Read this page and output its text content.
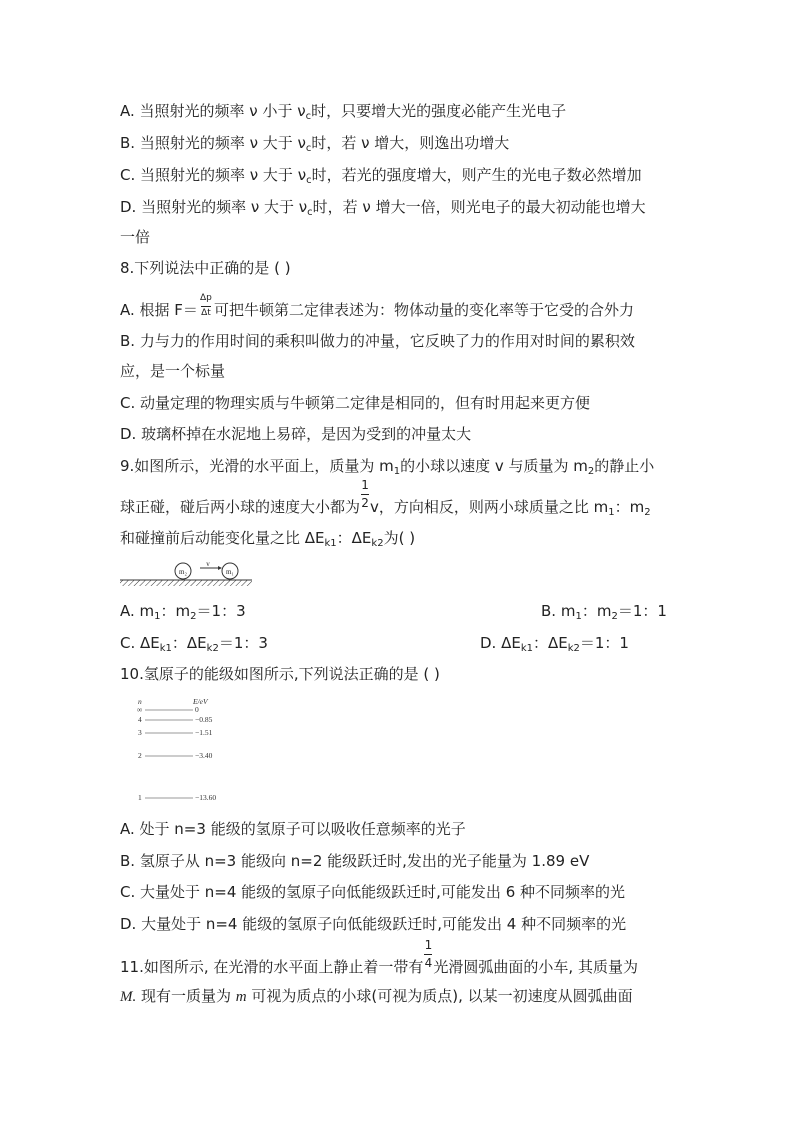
A. 当照射光的频率 ν 小于 $\nu_c$时，只要增大光的强度必能产生光电子
B. 当照射光的频率 ν 大于 $\nu_c$时，若 ν 增大，则逸出功增大
C. 当照射光的频率 ν 大于 $\nu_c$时，若光的强度增大，则产生的光电子数必然增加
D. 当照射光的频率 ν 大于 $\nu_c$时，若 ν 增大一倍，则光电子的最大初动能也增大
一倍
8.下列说法中正确的是 ( )
A. 根据 $F= \frac{\Delta p}{\Delta t}$ 可把牛顿第二定律表述为：物体动量的变化率等于它受的合外力
B. 力与力的作用时间的乘积叫做力的冲量，它反映了力的作用对时间的累积效
应，是一个标量
C. 动量定理的物理实质与牛顿第二定律是相同的，但有时用起来更方便
D. 玻璃杯掉在水泥地上易碎，是因为受到的冲量太大
9.如图所示，光滑的水平面上，质量为 $m_1$的小球以速度 v 与质量为 $m_2$的静止小
球正碰，碰后两小球的速度大小都为 $\frac{1}{2}$ v，方向相反，则两小球质量之比 $m_1$：$m_2$
和碰撞前后动能变化量之比 $\Delta E_{k1}$：$\Delta E_{k2}$为( )
m₂	m₁
v
A. $m_1$：$m_2=1$：3	B. $m_1$：$m_2=1$：1
C. $\Delta E_{k1}$：$\Delta E_{k2}=1$：3	D. $\Delta E_{k1}$：$\Delta E_{k2}=1$：1
10.氢原子的能级如图所示,下列说法正确的是 ( )
n	E/eV
∞	0
4	−0.85
3	−1.51
2	−3.40
1	−13.60
A. 处于 n=3 能级的氢原子可以吸收任意频率的光子
B. 氢原子从 n=3 能级向 n=2 能级跃迁时,发出的光子能量为 1.89 eV
C. 大量处于 n=4 能级的氢原子向低能级跃迁时,可能发出 6 种不同频率的光
D. 大量处于 n=4 能级的氢原子向低能级跃迁时,可能发出 4 种不同频率的光
11.如图所示, 在光滑的水平面上静止着一带有 $\frac{1}{4}$ 光滑圆弧曲面的小车, 其质量为
M. 现有一质量为 m 可视为质点的小球(可视为质点), 以某一初速度从圆弧曲面
